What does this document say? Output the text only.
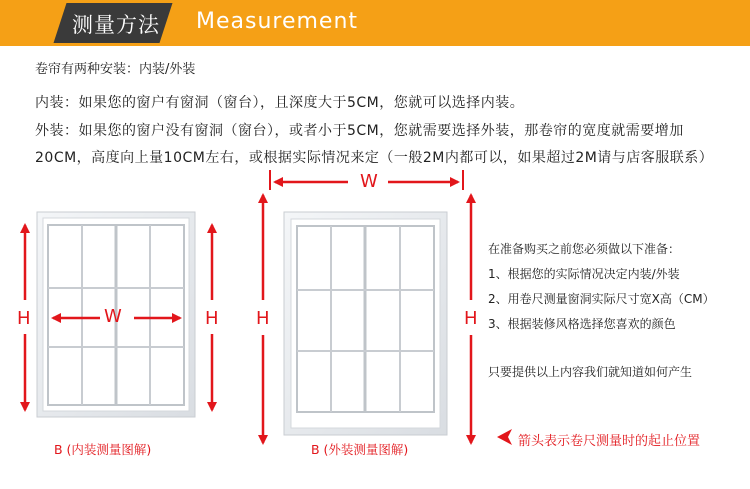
测量方法 Measurement
卷帘有两种安装：内装/外装
内装：如果您的窗户有窗洞（窗台），且深度大于5CM，您就可以选择内装。
外装：如果您的窗户没有窗洞（窗台），或者小于5CM，您就需要选择外装，那卷帘的宽度就需要增加
20CM，高度向上量10CM左右，或根据实际情况来定（一般2M内都可以，如果超过2M请与店客服联系）
W
H	H
W
H	H
B (内装测量图解)	B (外装测量图解)
在准备购买之前您必须做以下准备：
1、根据您的实际情况决定内装/外装
2、用卷尺测量窗洞实际尺寸宽X高（CM）
3、根据装修风格选择您喜欢的颜色
只要提供以上内容我们就知道如何产生
箭头表示卷尺测量时的起止位置
